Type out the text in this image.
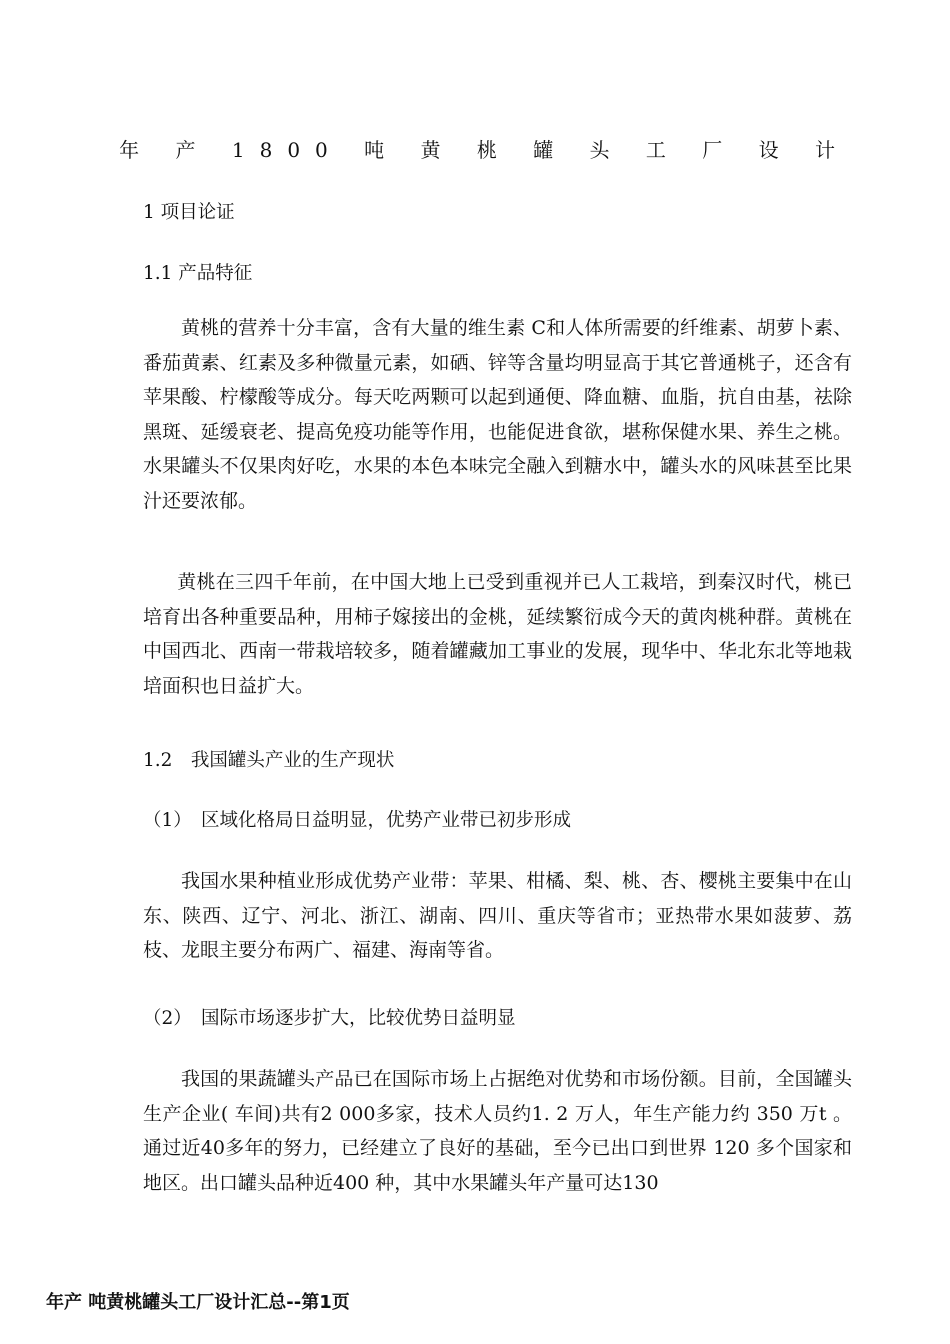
年 产 1800 吨 黄 桃 罐 头 工 厂 设 计
1 项目论证
1.1 产品特征

黄桃的营养十分丰富，含有大量的维生素 C和人体所需要的纤维素、胡萝卜素、番茄黄素、红素及多种微量元素，如硒、锌等含量均明显高于其它普通桃子，还含有苹果酸、柠檬酸等成分。每天吃两颗可以起到通便、降血糖、血脂，抗自由基，祛除黑斑、延缓衰老、提高免疫功能等作用，也能促进食欲，堪称保健水果、养生之桃。水果罐头不仅果肉好吃，水果的本色本味完全融入到糖水中，罐头水的风味甚至比果汁还要浓郁。

黄桃在三四千年前，在中国大地上已受到重视并已人工栽培，到秦汉时代，桃已培育出各种重要品种，用柿子嫁接出的金桃，延续繁衍成今天的黄肉桃种群。黄桃在中国西北、西南一带栽培较多，随着罐藏加工事业的发展，现华中、华北东北等地栽培面积也日益扩大。

1.2　我国罐头产业的生产现状
（1）　区域化格局日益明显，优势产业带已初步形成

我国水果种植业形成优势产业带：苹果、柑橘、梨、桃、杏、樱桃主要集中在山东、陕西、辽宁、河北、浙江、湖南、四川、重庆等省市；亚热带水果如菠萝、荔枝、龙眼主要分布两广、福建、海南等省。

（2）　国际市场逐步扩大，比较优势日益明显

我国的果蔬罐头产品已在国际市场上占据绝对优势和市场份额。目前，全国罐头生产企业( 车间)共有2 000多家，技术人员约1. 2 万人，年生产能力约 350 万t 。通过近40多年的努力，已经建立了良好的基础，至今已出口到世界 120 多个国家和地区。出口罐头品种近400 种，其中水果罐头年产量可达130

年产 吨黄桃罐头工厂设计汇总--第1页
